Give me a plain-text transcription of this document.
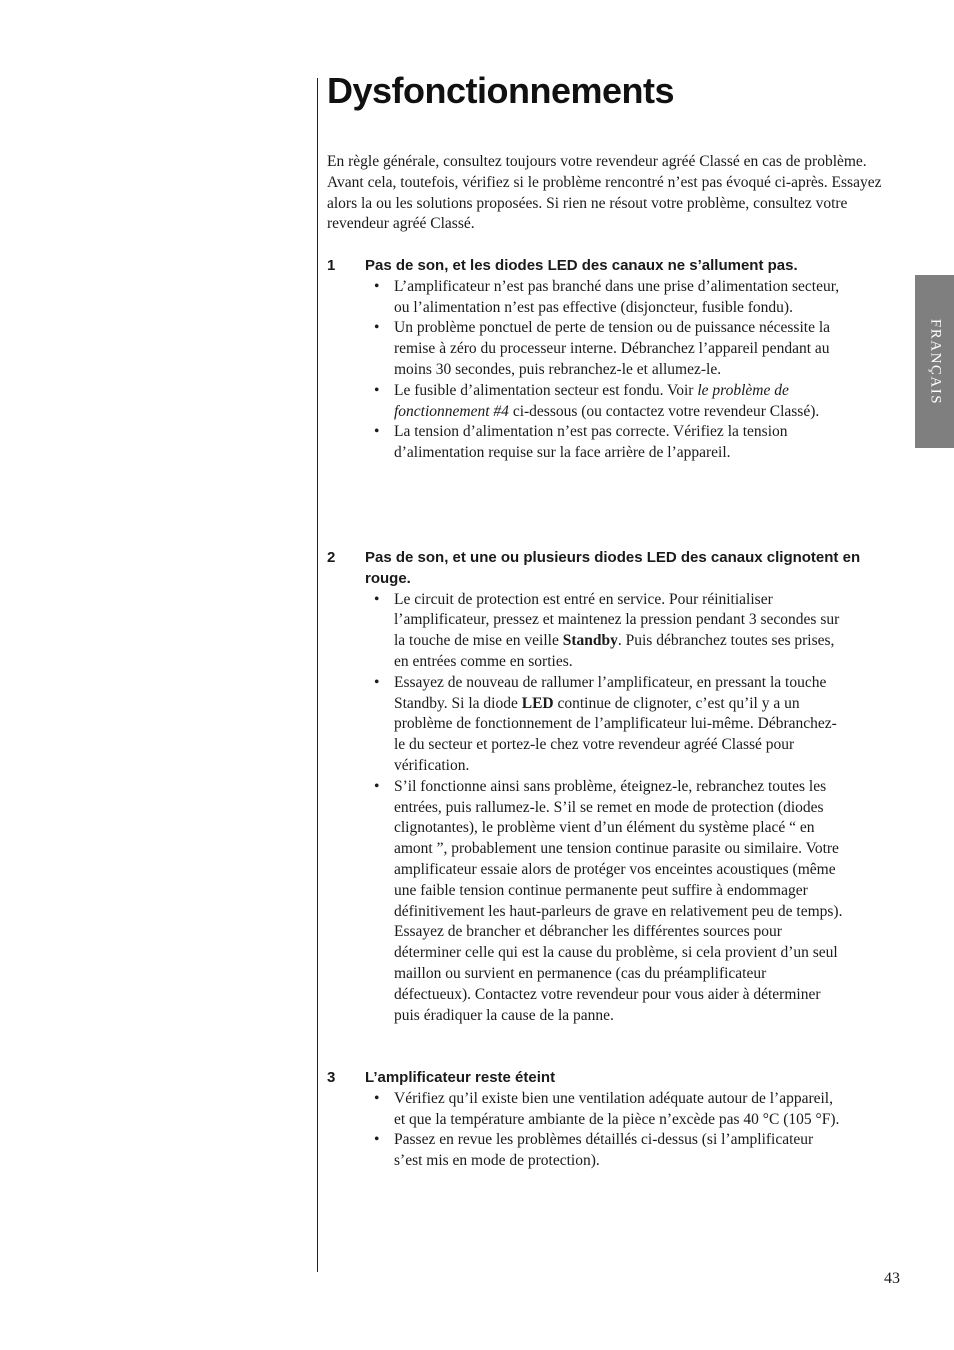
Dysfonctionnements

En règle générale, consultez toujours votre revendeur agréé Classé en cas de problème. Avant cela, toutefois, vérifiez si le problème rencontré n’est pas évoqué ci-après. Essayez alors la ou les solutions proposées. Si rien ne résout votre problème, consultez votre revendeur agréé Classé.

1	Pas de son, et les diodes LED des canaux ne s’allument pas.
• L’amplificateur n’est pas branché dans une prise d’alimentation secteur, ou l’alimentation n’est pas effective (disjoncteur, fusible fondu).
• Un problème ponctuel de perte de tension ou de puissance nécessite la remise à zéro du processeur interne. Débranchez l’appareil pendant au moins 30 secondes, puis rebranchez-le et allumez-le.
• Le fusible d’alimentation secteur est fondu. Voir le problème de fonctionnement #4 ci-dessous (ou contactez votre revendeur Classé).
• La tension d’alimentation n’est pas correcte. Vérifiez la tension d’alimentation requise sur la face arrière de l’appareil.
2	Pas de son, et une ou plusieurs diodes LED des canaux clignotent en rouge.
• Le circuit de protection est entré en service. Pour réinitialiser l’amplificateur, pressez et maintenez la pression pendant 3 secondes sur la touche de mise en veille Standby. Puis débranchez toutes ses prises, en entrées comme en sorties.
• Essayez de nouveau de rallumer l’amplificateur, en pressant la touche Standby. Si la diode LED continue de clignoter, c’est qu’il y a un problème de fonctionnement de l’amplificateur lui-même. Débranchez-le du secteur et portez-le chez votre revendeur agréé Classé pour vérification.
• S’il fonctionne ainsi sans problème, éteignez-le, rebranchez toutes les entrées, puis rallumez-le. S’il se remet en mode de protection (diodes clignotantes), le problème vient d’un élément du système placé “ en amont ”, probablement une tension continue parasite ou similaire. Votre amplificateur essaie alors de protéger vos enceintes acoustiques (même une faible tension continue permanente peut suffire à endommager définitivement les haut-parleurs de grave en relativement peu de temps). Essayez de brancher et débrancher les différentes sources pour déterminer celle qui est la cause du problème, si cela provient d’un seul maillon ou survient en permanence (cas du préamplificateur défectueux). Contactez votre revendeur pour vous aider à déterminer puis éradiquer la cause de la panne.
3	L’amplificateur reste éteint
• Vérifiez qu’il existe bien une ventilation adéquate autour de l’appareil, et que la température ambiante de la pièce n’excède pas 40 °C (105 °F).
• Passez en revue les problèmes détaillés ci-dessus (si l’amplificateur s’est mis en mode de protection).
FRANÇAIS
43
